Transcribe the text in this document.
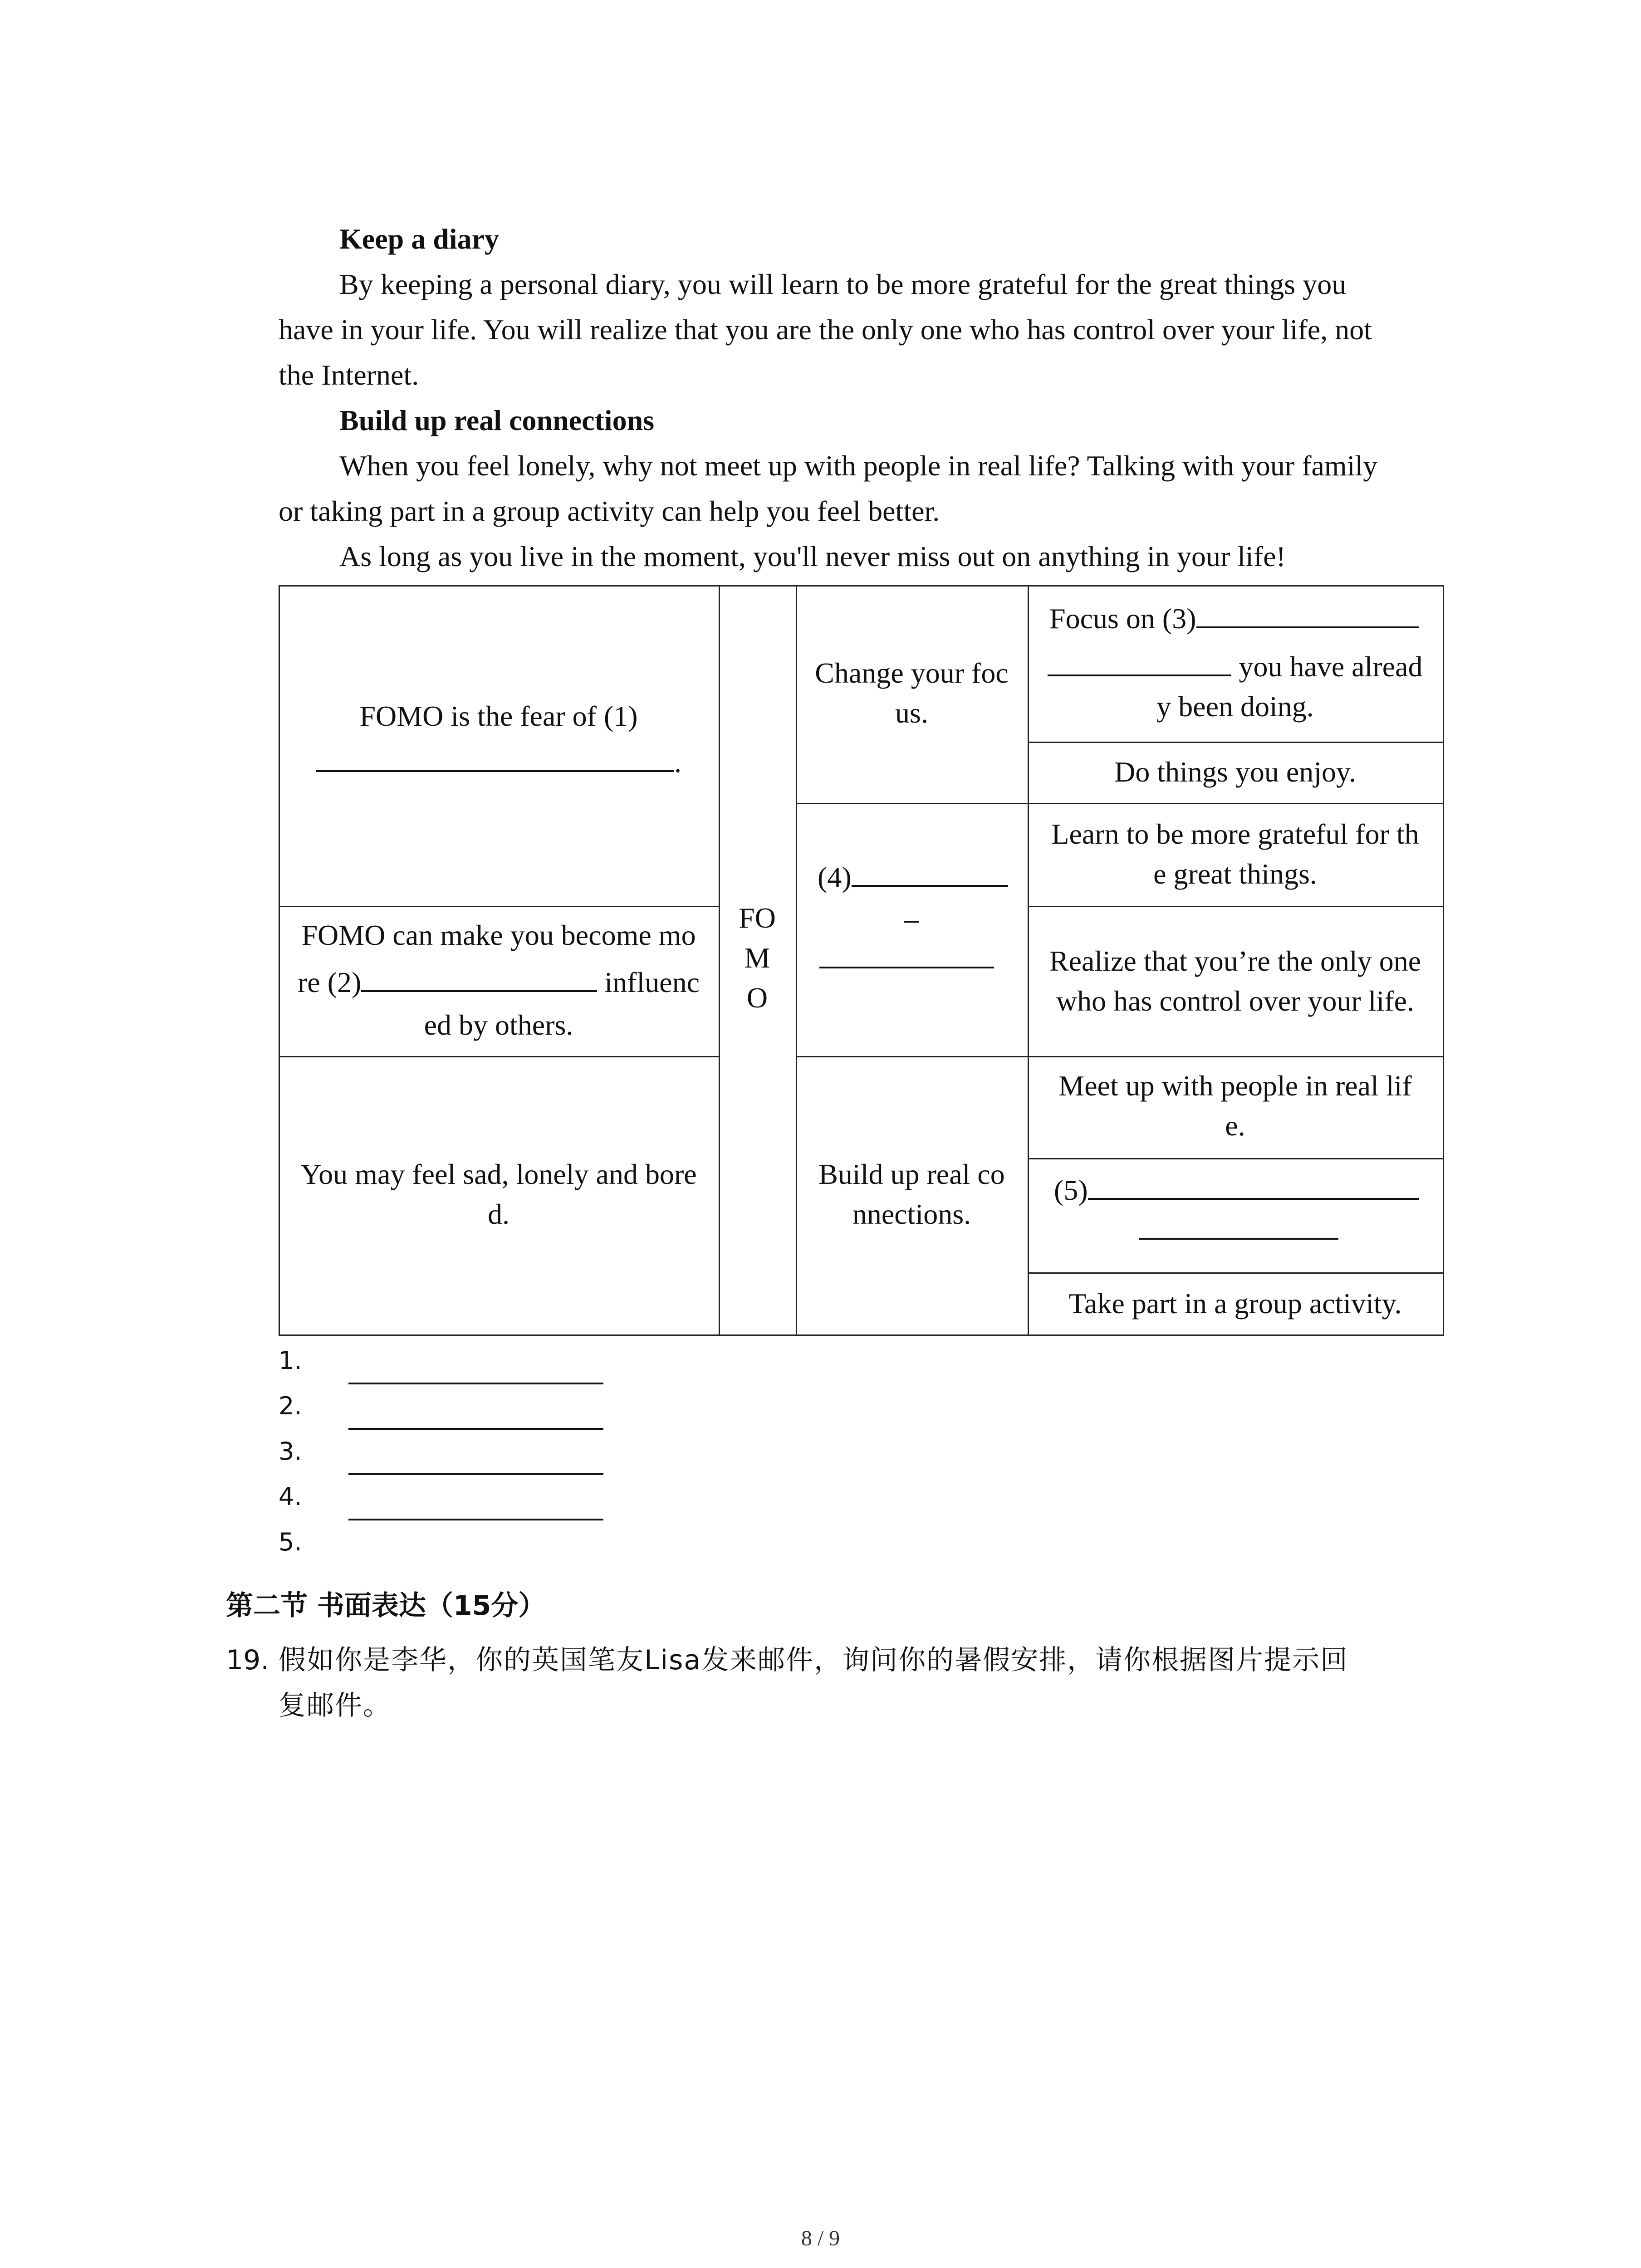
Keep a diary
By keeping a personal diary, you will learn to be more grateful for the great things you
have in your life. You will realize that you are the only one who has control over your life, not
the Internet.
Build up real connections
When you feel lonely, why not meet up with people in real life? Talking with your family
or taking part in a group activity can help you feel better.
As long as you live in the moment, you'll never miss out on anything in your life!
FOMO is the fear of (1)
.
FOMO can make you become mo
re (2)	influenc
ed by others.
You may feel sad, lonely and bore
d.
FO
M
O
Change your foc
us.
(4)
–
Build up real co
nnections.
Focus on (3)
you have alread
y been doing.
Do things you enjoy.
Learn to be more grateful for th
e great things.
Realize that you’re the only one
who has control over your life.
Meet up with people in real lif
e.
(5)
Take part in a group activity.
1.
2.
3.
4.
5.
第二节 书面表达（15分）
19. 假如你是李华，你的英国笔友Lisa发来邮件，询问你的暑假安排，请你根据图片提示回
复邮件。
8 / 9
